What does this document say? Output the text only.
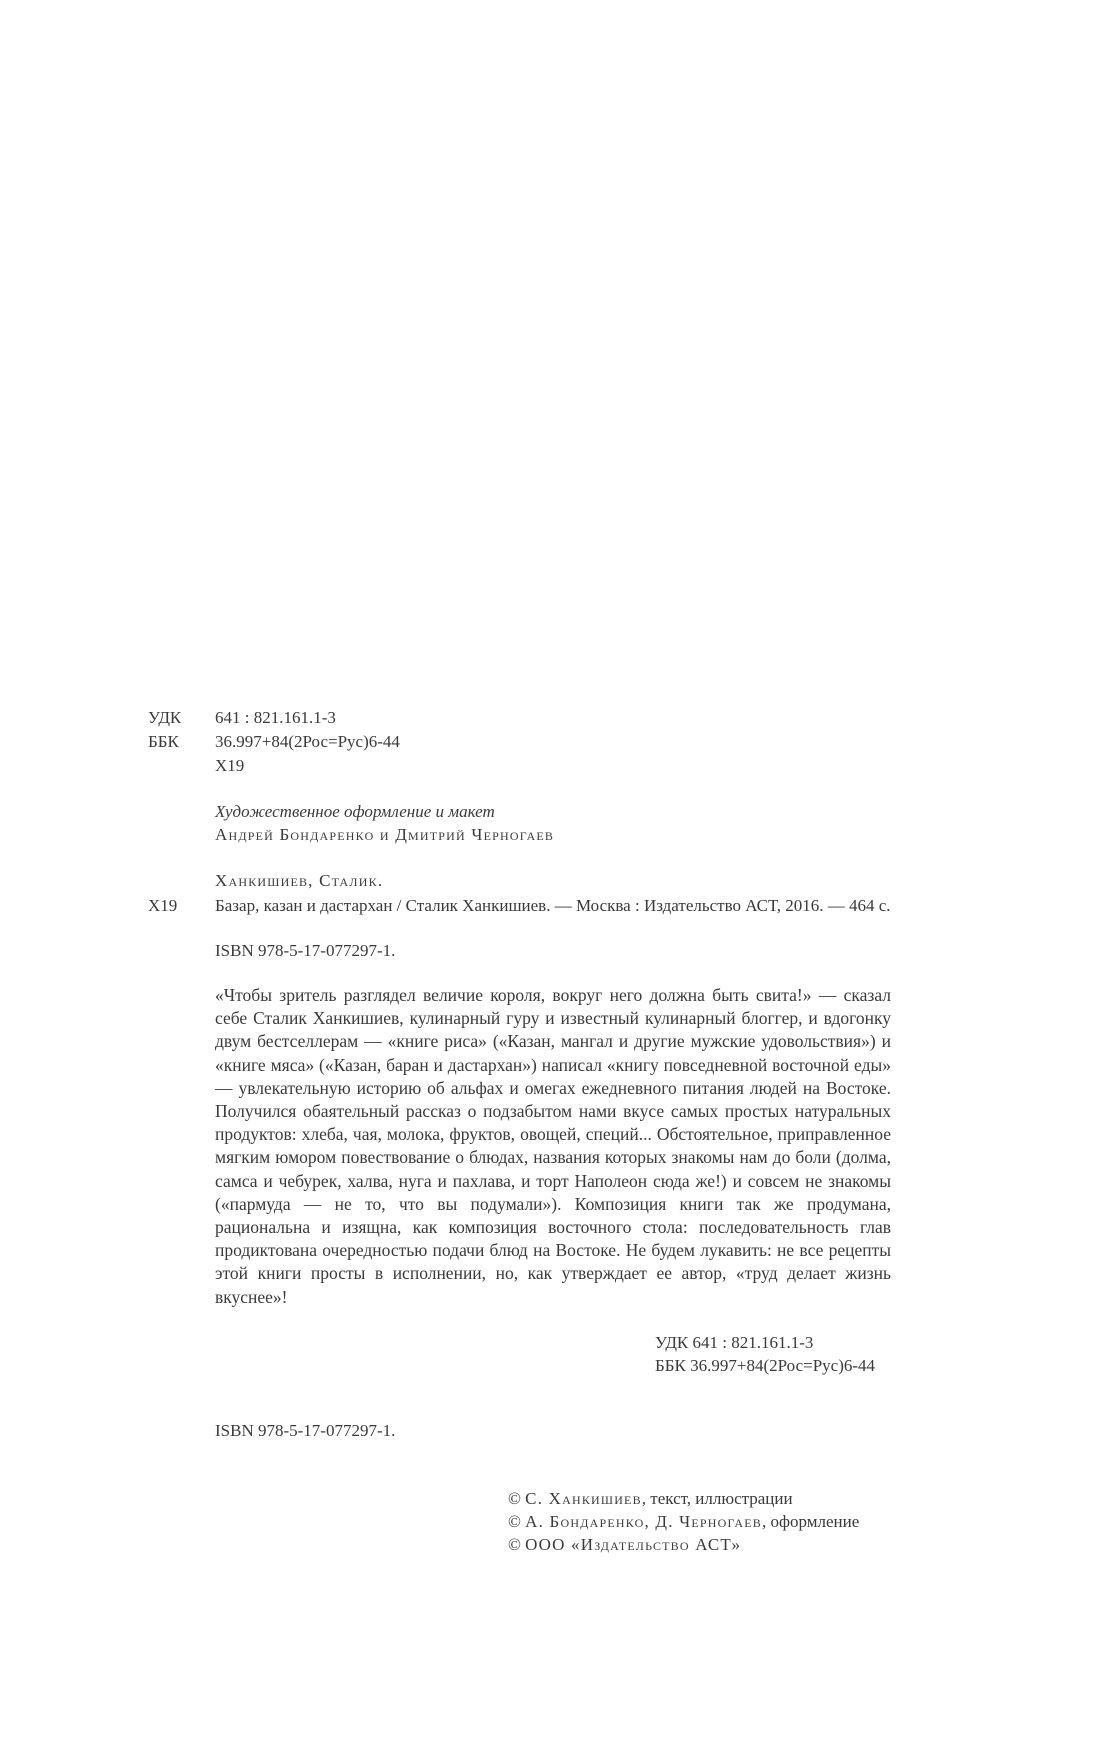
УДК 641 : 821.161.1-3
ББК 36.997+84(2Рос=Рус)6-44
Х19
Художественное оформление и макет
Андрей Бондаренко и Дмитрий Черногаев
Ханкишиев, Сталик.
Х19 Базар, казан и дастархан / Сталик Ханкишиев. — Москва : Издательство АСТ, 2016. — 464 с.
ISBN 978-5-17-077297-1.
«Чтобы зритель разглядел величие короля, вокруг него должна быть свита!» — сказал себе Сталик Ханкишиев, кулинарный гуру и известный кулинарный блоггер, и вдогонку двум бестселлерам — «книге риса» («Казан, мангал и другие мужские удовольствия») и «книге мяса» («Казан, баран и дастархан») написал «книгу повседневной восточной еды» — увлекательную историю об альфах и омегах ежедневного питания людей на Востоке. Получился обаятельный рассказ о подзабытом нами вкусе самых простых натуральных продуктов: хлеба, чая, молока, фруктов, овощей, специй... Обстоятельное, приправленное мягким юмором повествование о блюдах, названия которых знакомы нам до боли (долма, самса и чебурек, халва, нуга и пахлава, и торт Наполеон сюда же!) и совсем не знакомы («пармуда — не то, что вы подумали»). Композиция книги так же продумана, рациональна и изящна, как композиция восточного стола: последовательность глав продиктована очередностью подачи блюд на Востоке. Не будем лукавить: не все рецепты этой книги просты в исполнении, но, как утверждает ее автор, «труд делает жизнь вкуснее»!
УДК 641 : 821.161.1-3
ББК 36.997+84(2Рос=Рус)6-44
ISBN 978-5-17-077297-1.
© С. Ханкишиев, текст, иллюстрации
© А. Бондаренко, Д. Черногаев, оформление
© ООО «Издательство АСТ»
